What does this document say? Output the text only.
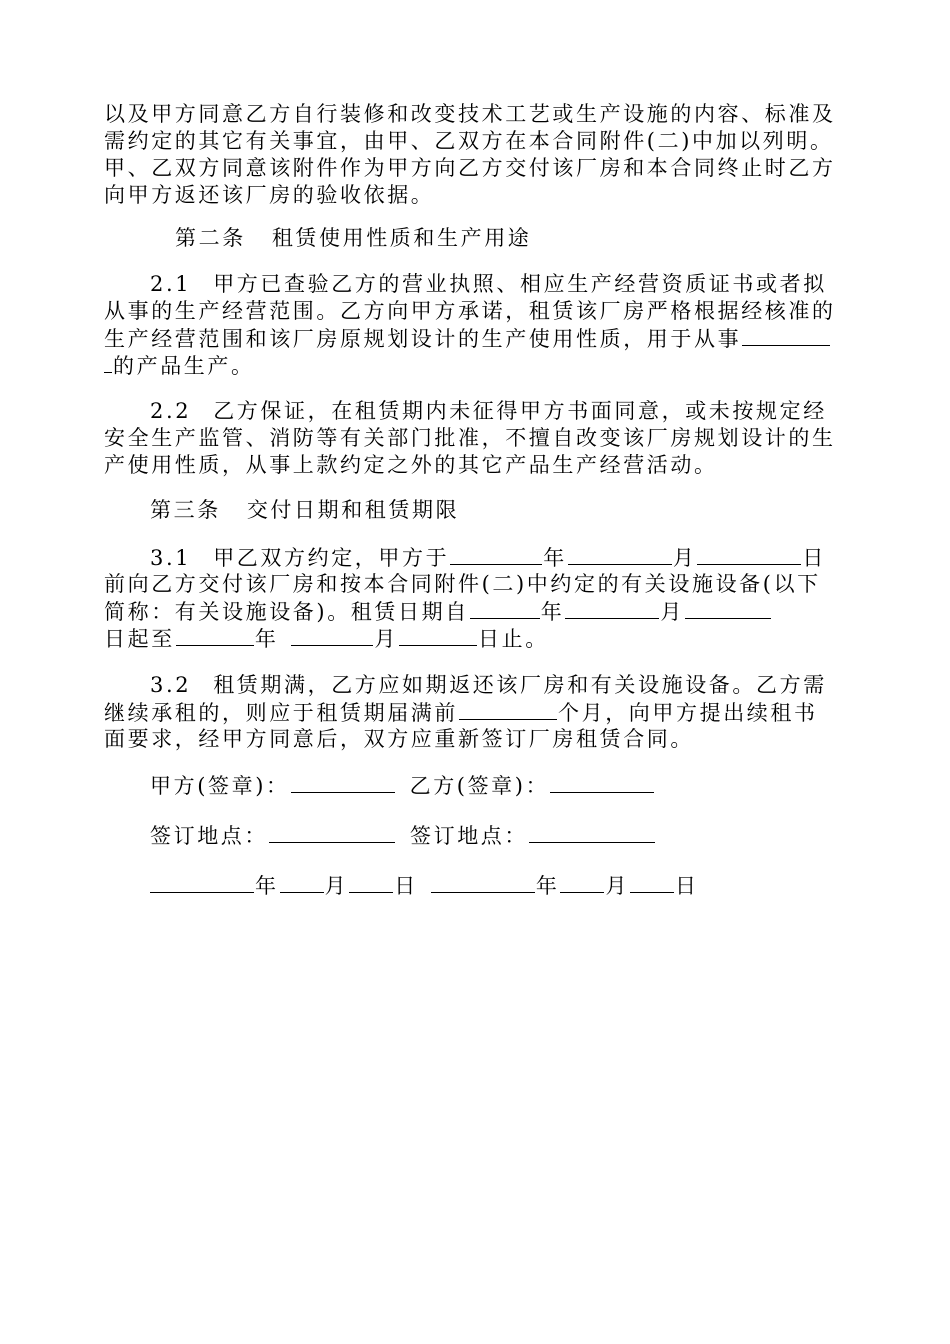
以及甲方同意乙方自行装修和改变技术工艺或生产设施的内容、标准及
需约定的其它有关事宜，由甲、乙双方在本合同附件(二)中加以列明。
甲、乙双方同意该附件作为甲方向乙方交付该厂房和本合同终止时乙方
向甲方返还该厂房的验收依据。
第二条 租赁使用性质和生产用途
2.1 甲方已查验乙方的营业执照、相应生产经营资质证书或者拟
从事的生产经营范围。乙方向甲方承诺，租赁该厂房严格根据经核准的
生产经营范围和该厂房原规划设计的生产使用性质，用于从事
的产品生产。
2.2 乙方保证，在租赁期内未征得甲方书面同意，或未按规定经
安全生产监管、消防等有关部门批准，不擅自改变该厂房规划设计的生
产使用性质，从事上款约定之外的其它产品生产经营活动。
第三条 交付日期和租赁期限
3.1 甲乙双方约定，甲方于	年	月	日
前向乙方交付该厂房和按本合同附件(二)中约定的有关设施设备(以下
简称：有关设施设备)。租赁日期自	年	月
日起至	年	月	日止。
3.2 租赁期满，乙方应如期返还该厂房和有关设施设备。乙方需
继续承租的，则应于租赁期届满前	个月，向甲方提出续租书
面要求，经甲方同意后，双方应重新签订厂房租赁合同。
甲方(签章)：	乙方(签章)：
签订地点：	签订地点：
年 月 日	年 月 日
